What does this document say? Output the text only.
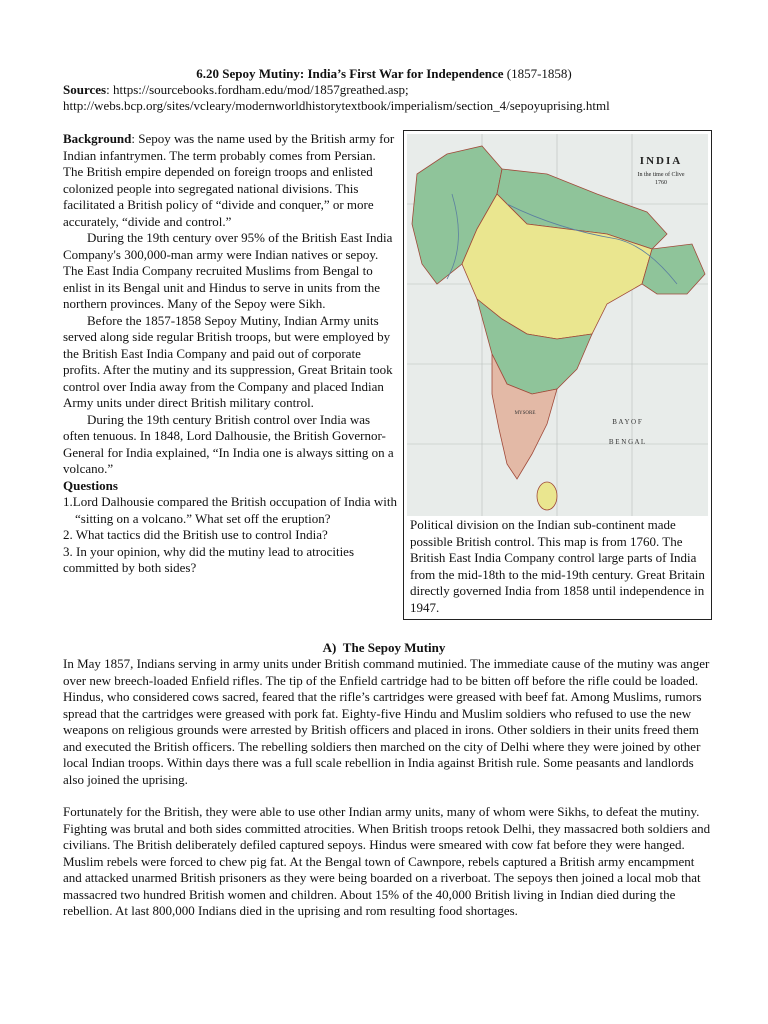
6.20 Sepoy Mutiny: India’s First War for Independence (1857-1858)
Sources: https://sourcebooks.fordham.edu/mod/1857greathed.asp; http://webs.bcp.org/sites/vcleary/modernworldhistorytextbook/imperialism/section_4/sepoyuprising.html

Background: Sepoy was the name used by the British army for Indian infantrymen. The term probably comes from Persian. The British empire depended on foreign troops and enlisted colonized people into segregated national divisions. This facilitated a British policy of “divide and conquer,” or more accurately, “divide and control.”

During the 19th century over 95% of the British East India Company's 300,000-man army were Indian natives or sepoy. The East India Company recruited Muslims from Bengal to enlist in its Bengal unit and Hindus to serve in units from the northern provinces. Many of the Sepoy were Sikh.

Before the 1857-1858 Sepoy Mutiny, Indian Army units served along side regular British troops, but were employed by the British East India Company and paid out of corporate profits. After the mutiny and its suppression, Great Britain took control over India away from the Company and placed Indian Army units under direct British military control.

During the 19th century British control over India was often tenuous. In 1848, Lord Dalhousie, the British Governor-General for India explained, “In India one is always sitting on a volcano.”

Questions

1.Lord Dalhousie compared the British occupation of India with “sitting on a volcano.” What set off the eruption?

2. What tactics did the British use to control India?

3. In your opinion, why did the mutiny lead to atrocities committed by both sides?

INDIA
In the time of Clive
1760
B A Y O F
B E N G A L
MYSORE
Political division on the Indian sub-continent made possible British control. This map is from 1760. The British East India Company control large parts of India from the mid-18th to the mid-19th century. Great Britain directly governed India from 1858 until independence in 1947.
A)  The Sepoy Mutiny
In May 1857, Indians serving in army units under British command mutinied. The immediate cause of the mutiny was anger over new breech-loaded Enfield rifles. The tip of the Enfield cartridge had to be bitten off before the rifle could be loaded. Hindus, who considered cows sacred, feared that the rifle’s cartridges were greased with beef fat. Among Muslims, rumors spread that the cartridges were greased with pork fat. Eighty-five Hindu and Muslim soldiers who refused to use the new weapons on religious grounds were arrested by British officers and placed in irons. Other soldiers in their units freed them and executed the British officers. The rebelling soldiers then marched on the city of Delhi where they were joined by other local Indian troops. Within days there was a full scale rebellion in India against British rule. Some peasants and landlords also joined the uprising.
Fortunately for the British, they were able to use other Indian army units, many of whom were Sikhs, to defeat the mutiny. Fighting was brutal and both sides committed atrocities. When British troops retook Delhi, they massacred both soldiers and civilians. The British deliberately defiled captured sepoys. Hindus were smeared with cow fat before they were hanged. Muslim rebels were forced to chew pig fat. At the Bengal town of Cawnpore, rebels captured a British army encampment and attacked unarmed British prisoners as they were being boarded on a riverboat. The sepoys then joined a local mob that massacred two hundred British women and children. About 15% of the 40,000 British living in Indian died during the rebellion. At last 800,000 Indians died in the uprising and rom resulting food shortages.
